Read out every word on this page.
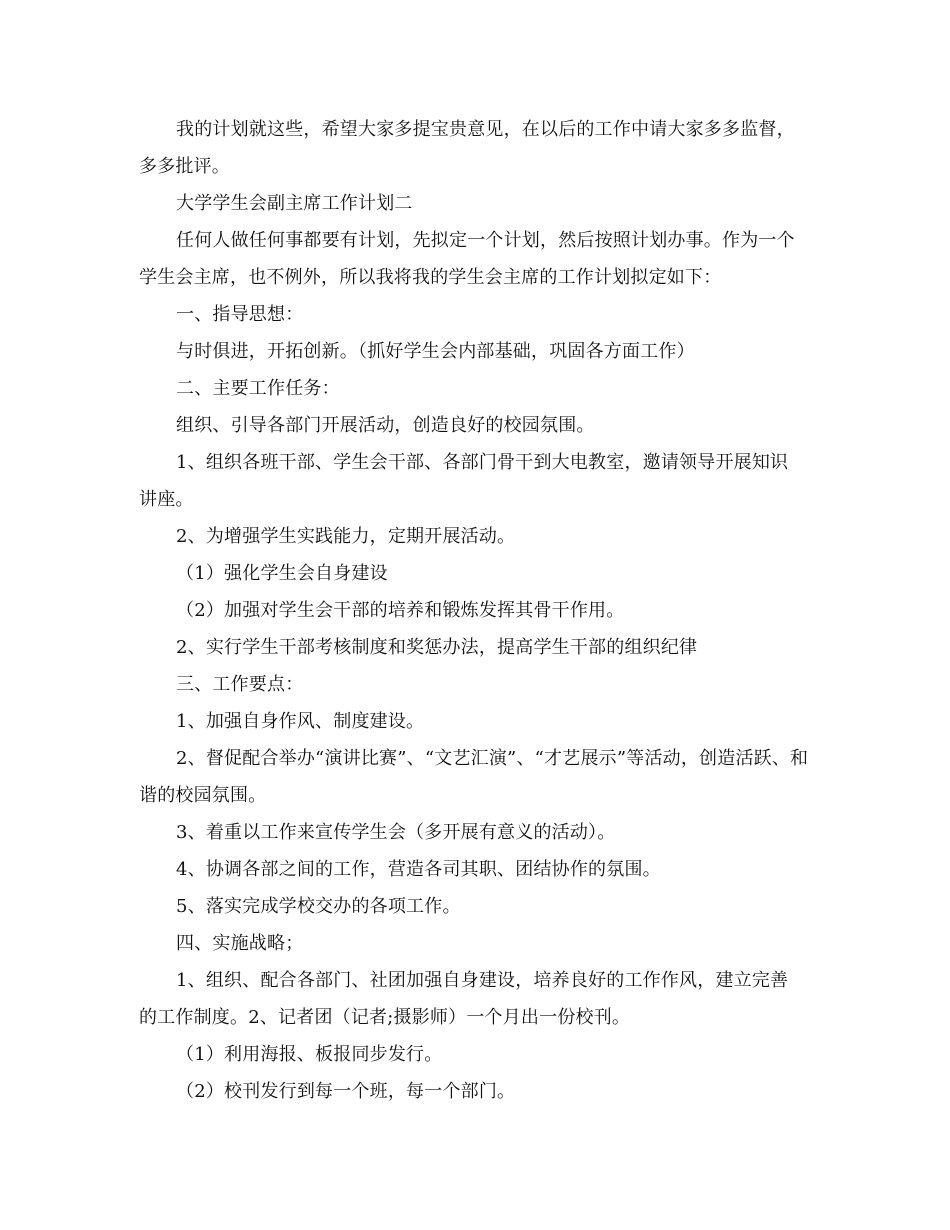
我的计划就这些，希望大家多提宝贵意见，在以后的工作中请大家多多监督，
多多批评。
大学学生会副主席工作计划二
任何人做任何事都要有计划，先拟定一个计划，然后按照计划办事。作为一个
学生会主席，也不例外，所以我将我的学生会主席的工作计划拟定如下：
一、指导思想：
与时俱进，开拓创新。（抓好学生会内部基础，巩固各方面工作）
二、主要工作任务：
组织、引导各部门开展活动，创造良好的校园氛围。
1、组织各班干部、学生会干部、各部门骨干到大电教室，邀请领导开展知识
讲座。
2、为增强学生实践能力，定期开展活动。
（1）强化学生会自身建设
（2）加强对学生会干部的培养和锻炼发挥其骨干作用。
2、实行学生干部考核制度和奖惩办法，提高学生干部的组织纪律
三、工作要点：
1、加强自身作风、制度建设。
2、督促配合举办“演讲比赛”、“文艺汇演”、“才艺展示”等活动，创造活跃、和
谐的校园氛围。
3、着重以工作来宣传学生会（多开展有意义的活动）。
4、协调各部之间的工作，营造各司其职、团结协作的氛围。
5、落实完成学校交办的各项工作。
四、实施战略；
1、组织、配合各部门、社团加强自身建设，培养良好的工作作风，建立完善
的工作制度。2、记者团（记者;摄影师）一个月出一份校刊。
（1）利用海报、板报同步发行。
（2）校刊发行到每一个班，每一个部门。
